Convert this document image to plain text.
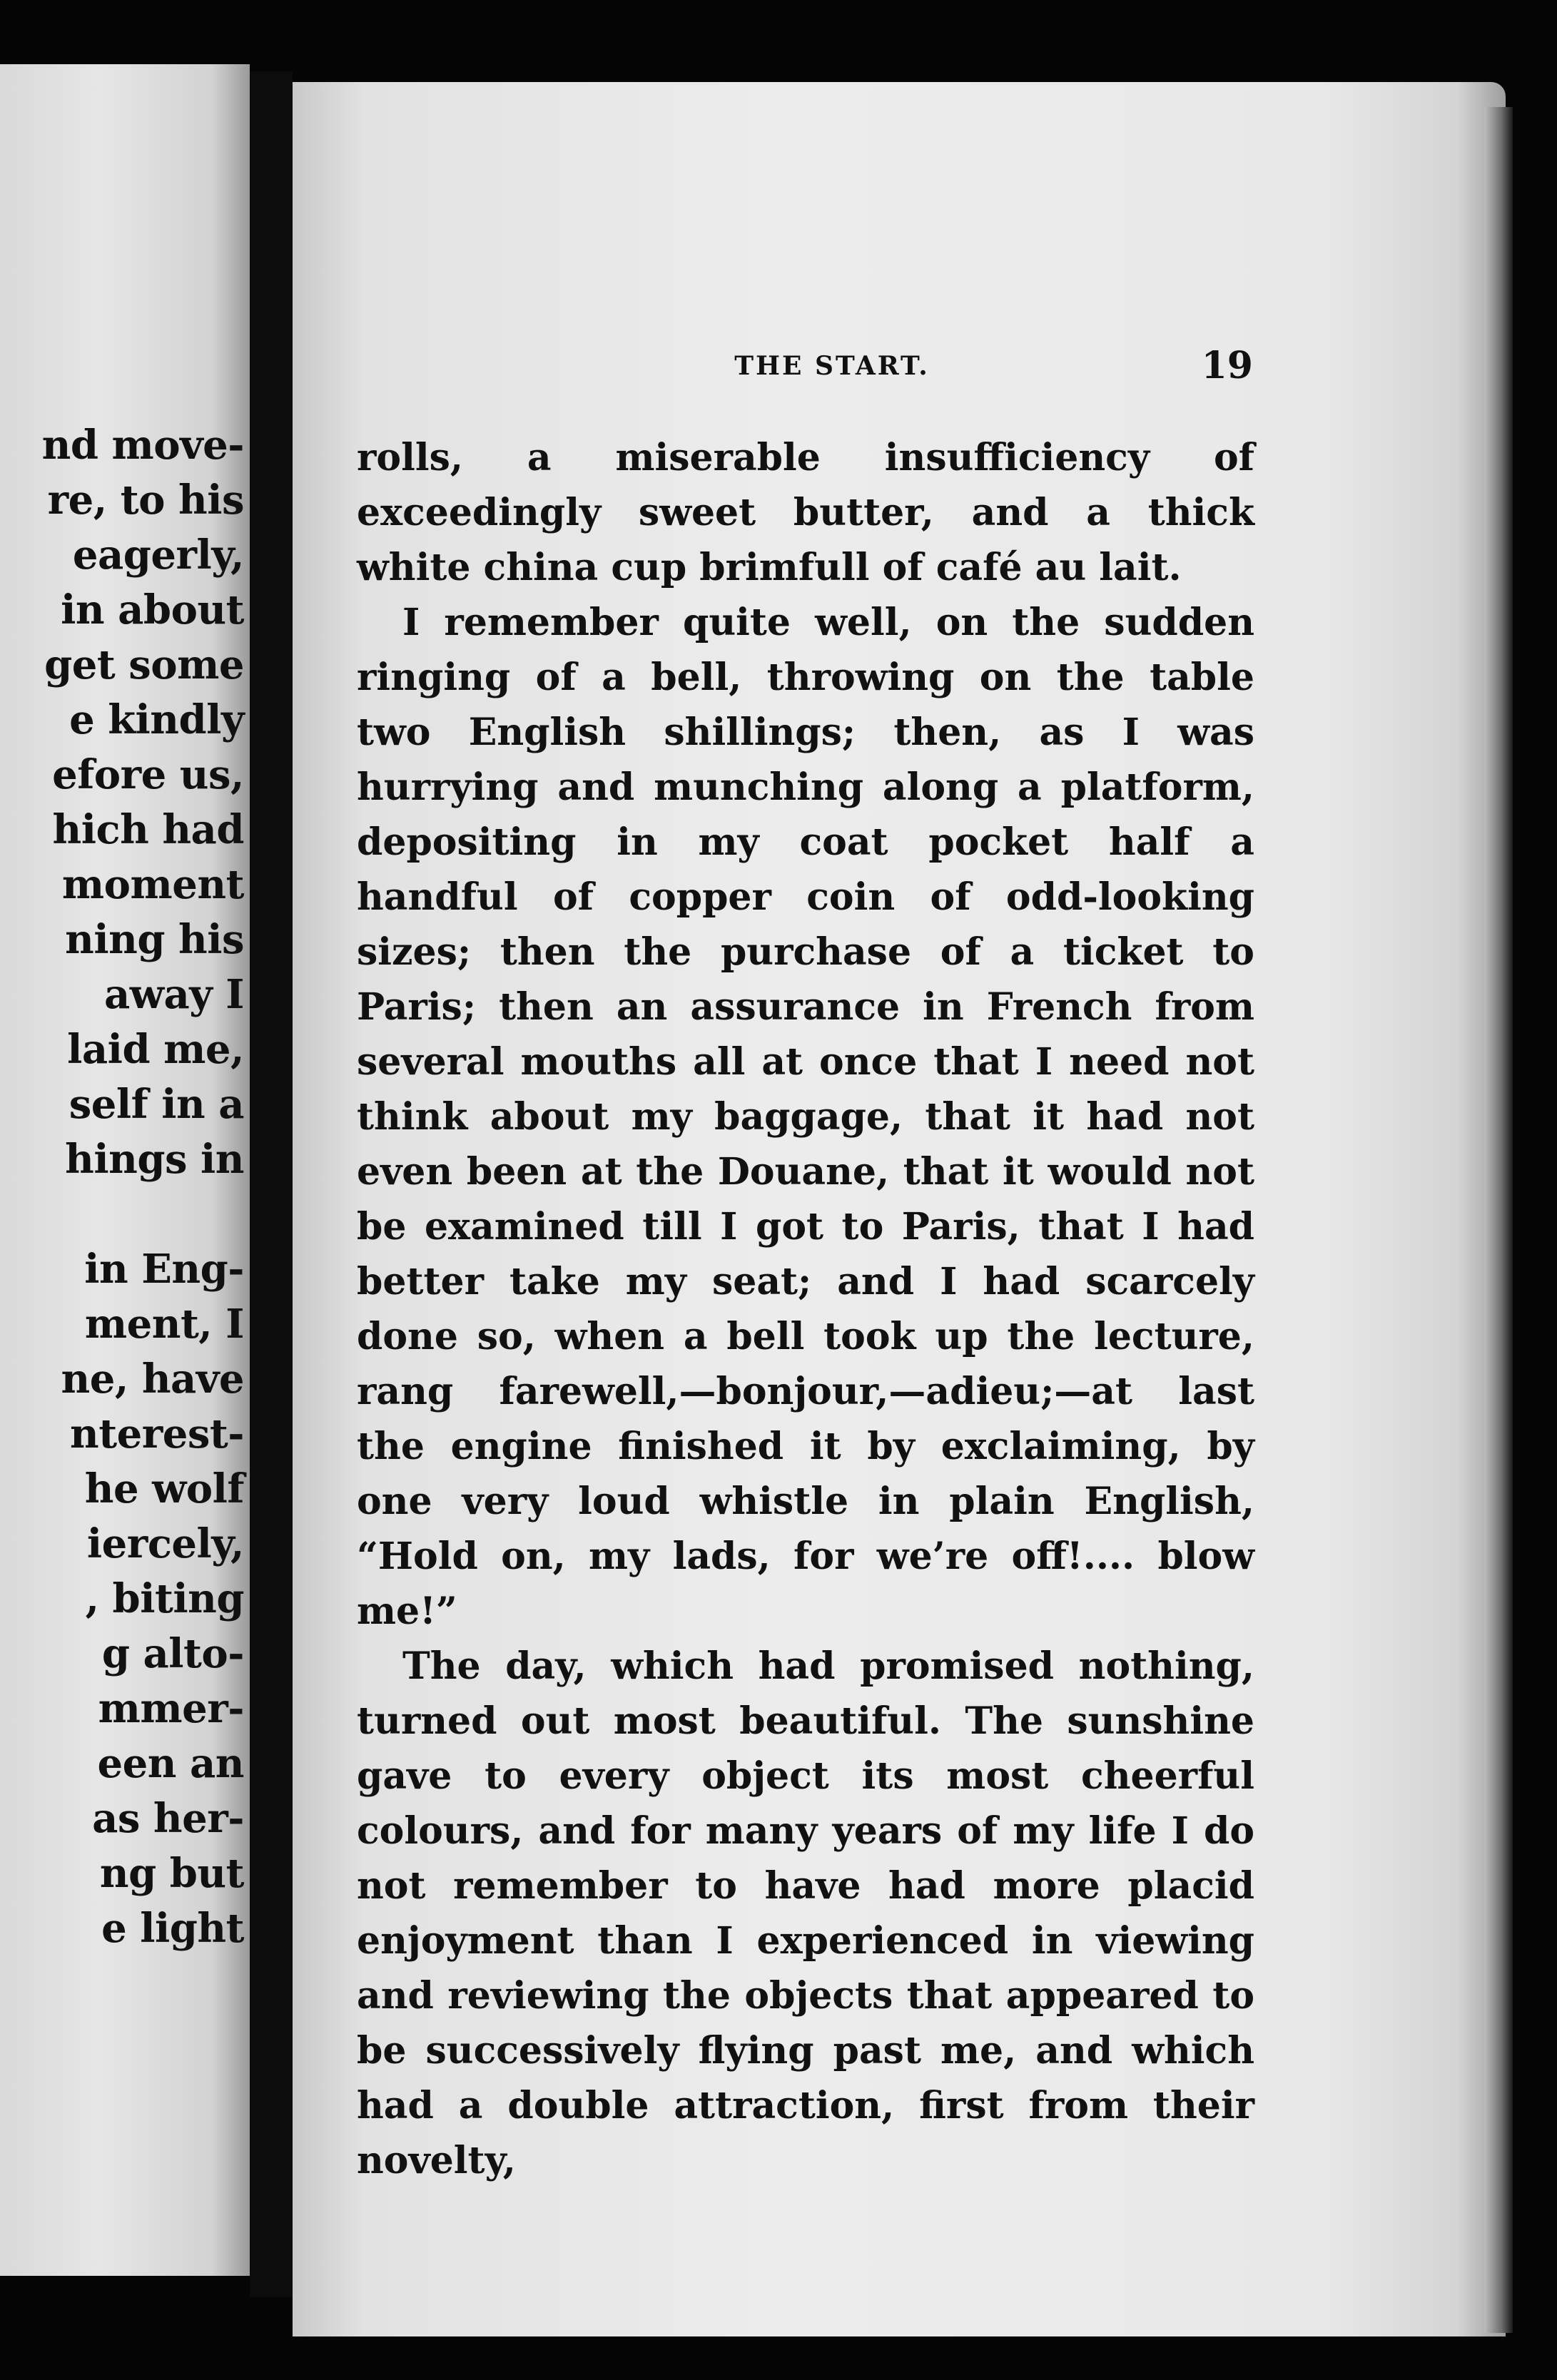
nd move-
re, to his
eagerly,
in about
get some
e kindly
efore us,
hich had
moment
ning his
away I
laid me,
self in a
hings in
in Eng-
ment, I
ne, have
nterest-
he wolf
iercely,
, biting
g alto-
mmer-
een an
as her-
ng but
e light
THE START.	19

rolls, a miserable insufficiency of exceedingly sweet butter, and a thick white china cup brimfull of café au lait.

I remember quite well, on the sudden ringing of a bell, throwing on the table two English shillings; then, as I was hurrying and munching along a platform, depositing in my coat pocket half a handful of copper coin of odd-looking sizes; then the purchase of a ticket to Paris; then an assurance in French from several mouths all at once that I need not think about my baggage, that it had not even been at the Douane, that it would not be examined till I got to Paris, that I had better take my seat; and I had scarcely done so, when a bell took up the lecture, rang farewell,—bonjour,—adieu;—at last the engine finished it by exclaiming, by one very loud whistle in plain English, “Hold on, my lads, for we’re off!.... blow me!”

The day, which had promised nothing, turned out most beautiful. The sunshine gave to every object its most cheerful colours, and for many years of my life I do not remember to have had more placid enjoyment than I experienced in viewing and reviewing the objects that appeared to be successively flying past me, and which had a double attraction, first from their novelty,
